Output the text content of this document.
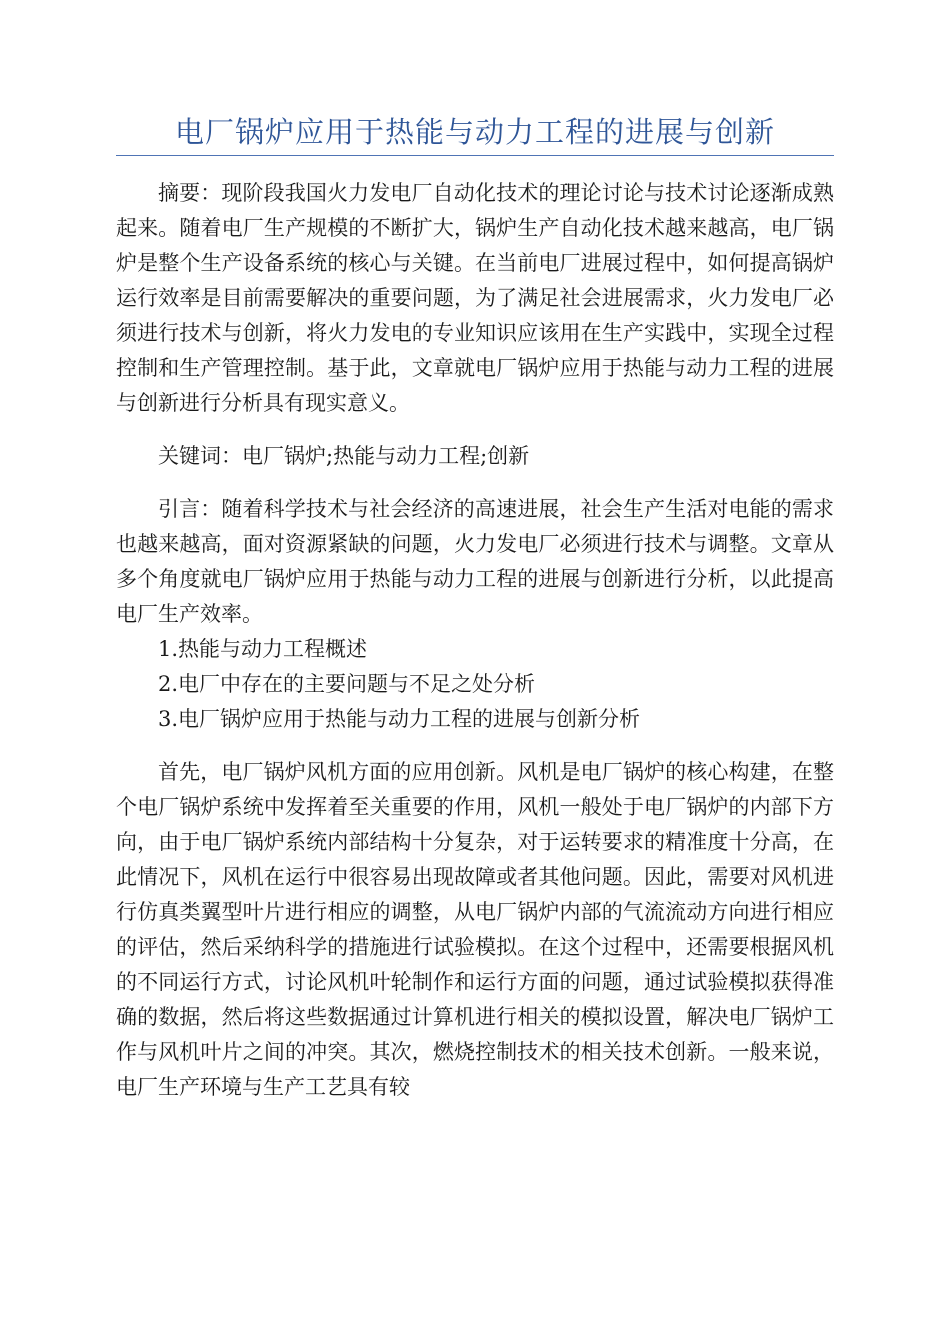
电厂锅炉应用于热能与动力工程的进展与创新

摘要：现阶段我国火力发电厂自动化技术的理论讨论与技术讨论逐渐成熟起来。随着电厂生产规模的不断扩大，锅炉生产自动化技术越来越高，电厂锅炉是整个生产设备系统的核心与关键。在当前电厂进展过程中，如何提高锅炉运行效率是目前需要解决的重要问题，为了满足社会进展需求，火力发电厂必须进行技术与创新，将火力发电的专业知识应该用在生产实践中，实现全过程控制和生产管理控制。基于此，文章就电厂锅炉应用于热能与动力工程的进展与创新进行分析具有现实意义。

关键词：电厂锅炉;热能与动力工程;创新

引言：随着科学技术与社会经济的高速进展，社会生产生活对电能的需求也越来越高，面对资源紧缺的问题，火力发电厂必须进行技术与调整。文章从多个角度就电厂锅炉应用于热能与动力工程的进展与创新进行分析，以此提高电厂生产效率。

1.热能与动力工程概述

2.电厂中存在的主要问题与不足之处分析

3.电厂锅炉应用于热能与动力工程的进展与创新分析

首先，电厂锅炉风机方面的应用创新。风机是电厂锅炉的核心构建，在整个电厂锅炉系统中发挥着至关重要的作用，风机一般处于电厂锅炉的内部下方向，由于电厂锅炉系统内部结构十分复杂，对于运转要求的精准度十分高，在此情况下，风机在运行中很容易出现故障或者其他问题。因此，需要对风机进行仿真类翼型叶片进行相应的调整，从电厂锅炉内部的气流流动方向进行相应的评估，然后采纳科学的措施进行试验模拟。在这个过程中，还需要根据风机的不同运行方式，讨论风机叶轮制作和运行方面的问题，通过试验模拟获得准确的数据，然后将这些数据通过计算机进行相关的模拟设置，解决电厂锅炉工作与风机叶片之间的冲突。其次，燃烧控制技术的相关技术创新。一般来说，电厂生产环境与生产工艺具有较
